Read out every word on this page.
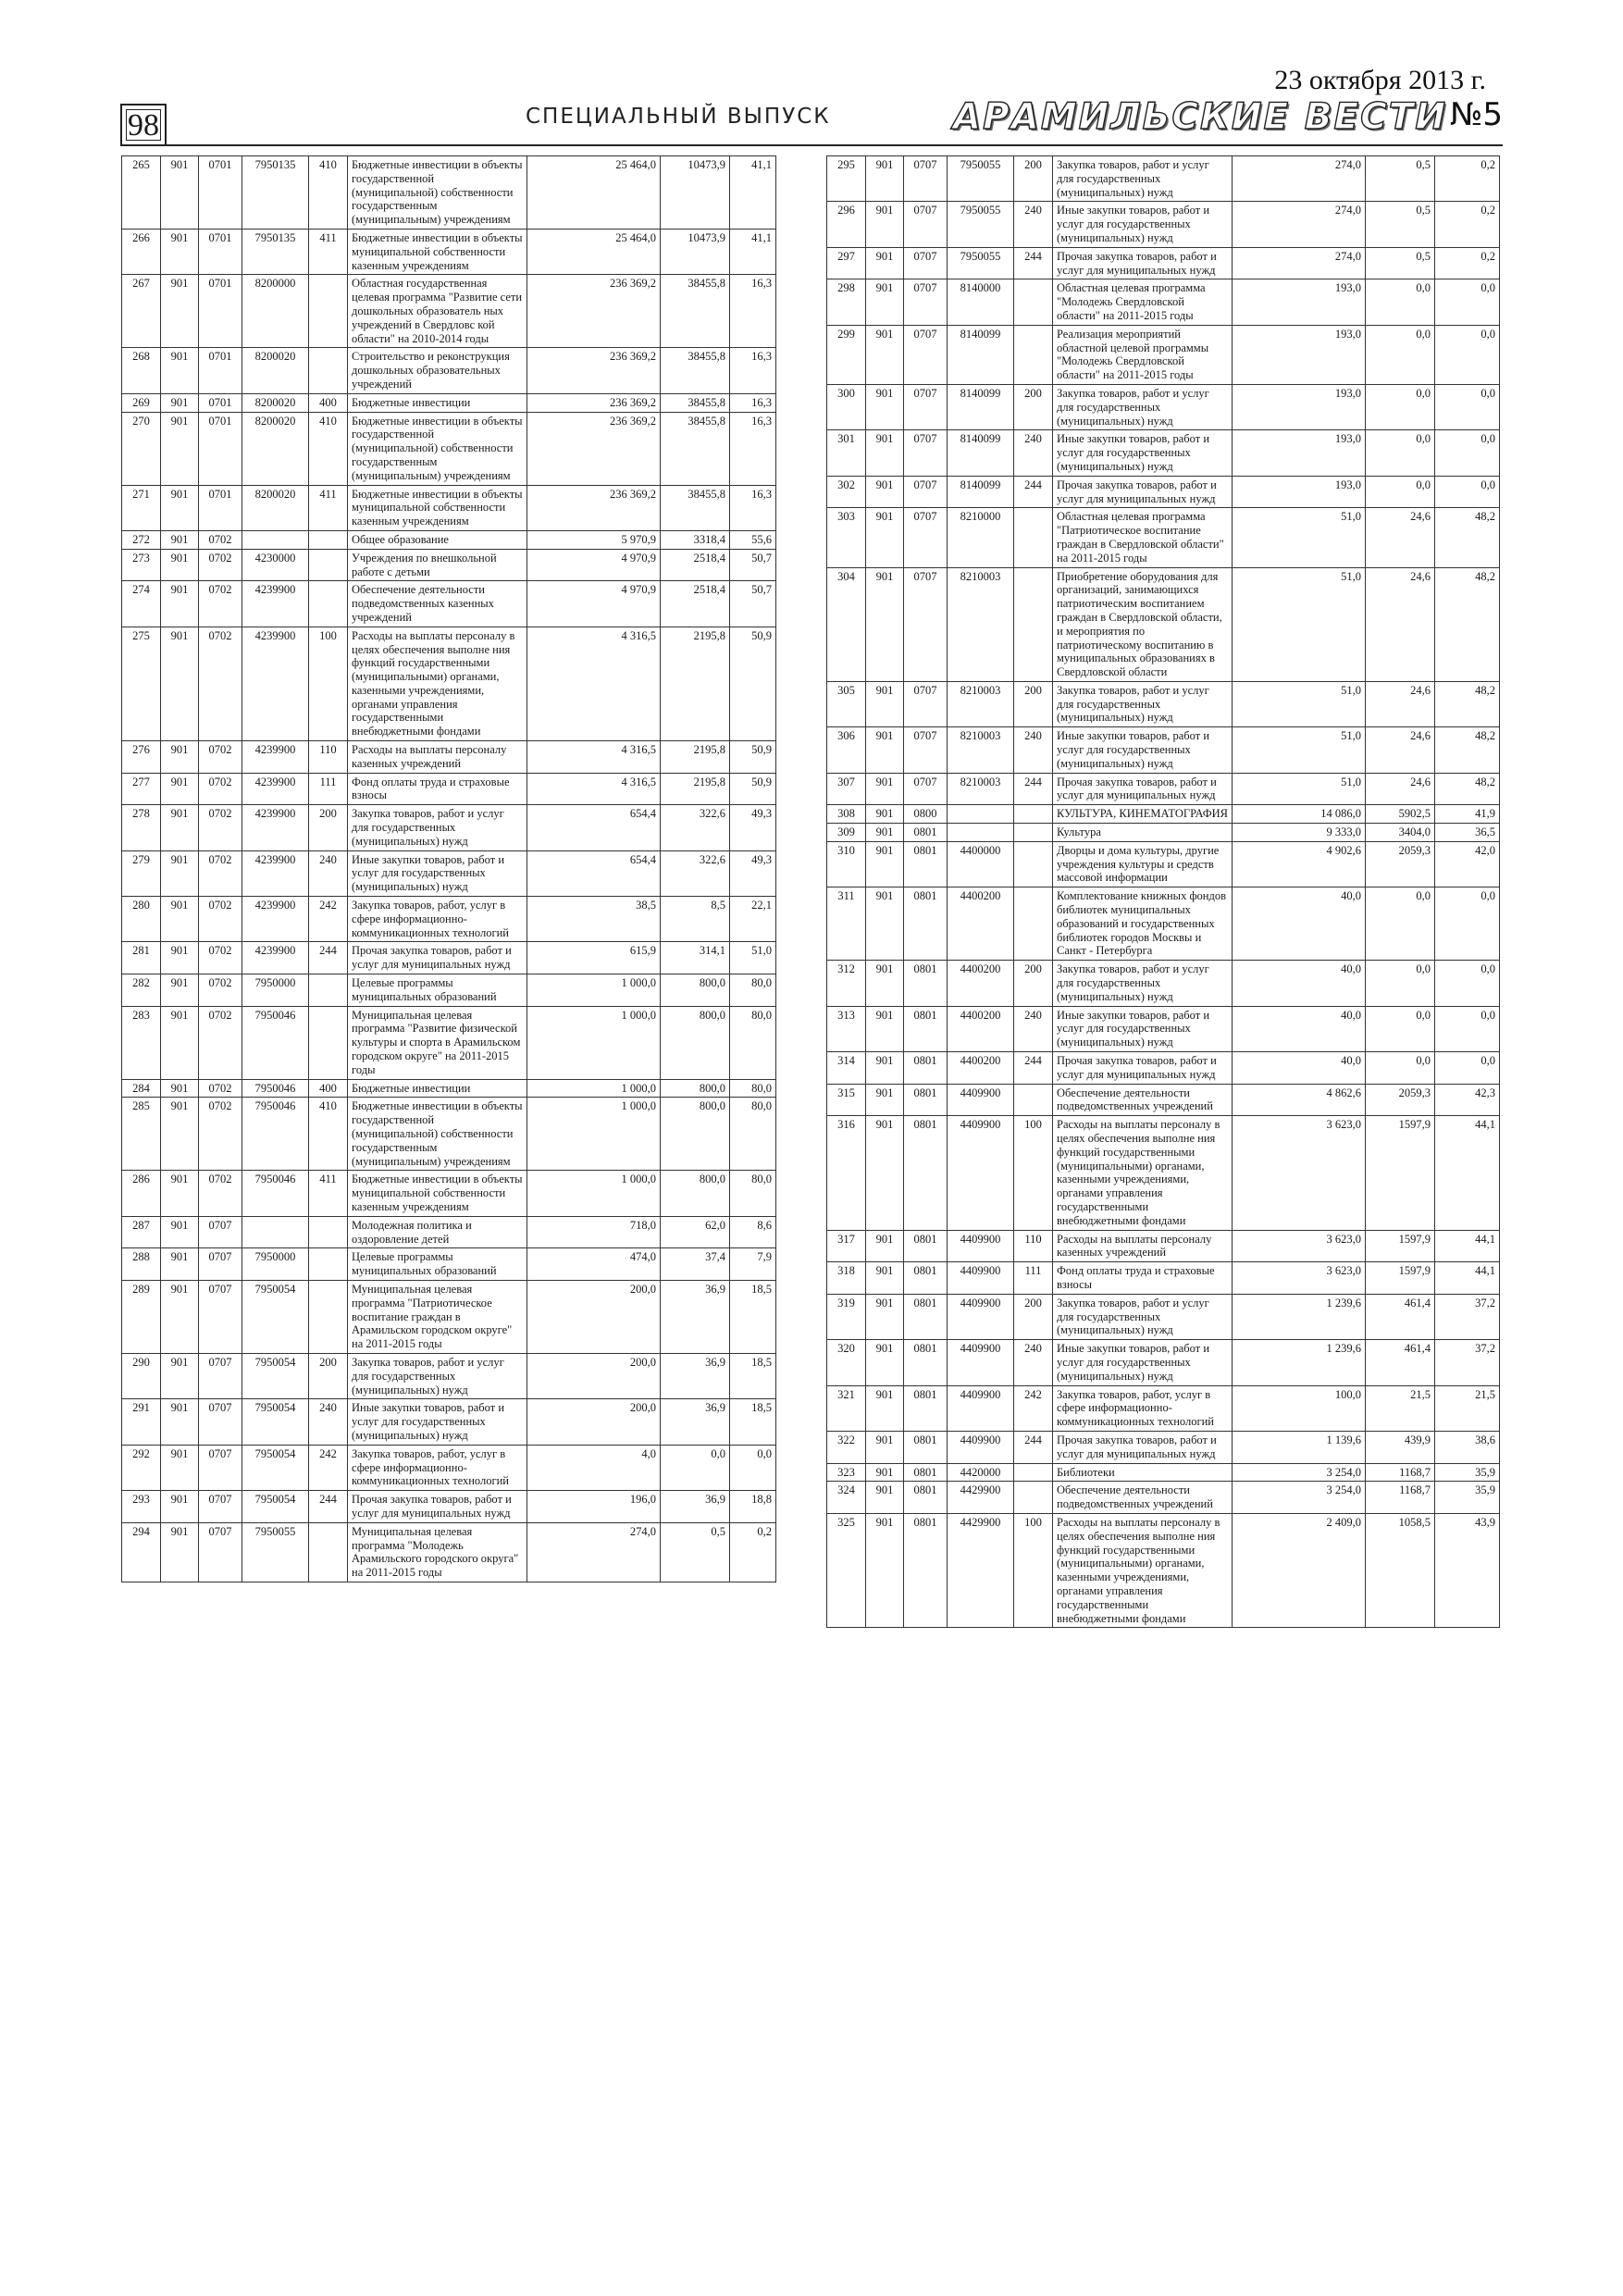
98	СПЕЦИАЛЬНЫЙ ВЫПУСК
23 октября 2013 г.
АРАМИЛЬСКИЕ ВЕСТИ №5
265	901	0701	7950135	410	Бюджетные инвестиции в объекты государственной (муниципальной) собственности государственным (муниципальным) учреждениям	25 464,0	10473,9	41,1
266	901	0701	7950135	411	Бюджетные инвестиции в объекты муниципальной собственности казенным учреждениям	25 464,0	10473,9	41,1
267	901	0701	8200000		Областная государственная целевая программа "Развитие сети дошкольных образователь ных учреждений в Свердловс кой области" на 2010-2014 годы	236 369,2	38455,8	16,3
268	901	0701	8200020		Строительство и реконструкция дошкольных образовательных учреждений	236 369,2	38455,8	16,3
269	901	0701	8200020	400	Бюджетные инвестиции	236 369,2	38455,8	16,3
270	901	0701	8200020	410	Бюджетные инвестиции в объекты государственной (муниципальной) собственности государственным (муниципальным) учреждениям	236 369,2	38455,8	16,3
271	901	0701	8200020	411	Бюджетные инвестиции в объекты муниципальной собственности казенным учреждениям	236 369,2	38455,8	16,3
272	901	0702			Общее образование	5 970,9	3318,4	55,6
273	901	0702	4230000		Учреждения по внешкольной работе с детьми	4 970,9	2518,4	50,7
274	901	0702	4239900		Обеспечение деятельности подведомственных казенных учреждений	4 970,9	2518,4	50,7
275	901	0702	4239900	100	Расходы на выплаты персоналу в целях обеспечения выполне ния функций государственными (муниципальными) органами, казенными учреждениями, органами управления государственными внебюджетными фондами	4 316,5	2195,8	50,9
276	901	0702	4239900	110	Расходы на выплаты персоналу казенных учреждений	4 316,5	2195,8	50,9
277	901	0702	4239900	111	Фонд оплаты труда и страховые взносы	4 316,5	2195,8	50,9
278	901	0702	4239900	200	Закупка товаров, работ и услуг для государственных (муниципальных) нужд	654,4	322,6	49,3
279	901	0702	4239900	240	Иные закупки товаров, работ и услуг для государственных (муниципальных) нужд	654,4	322,6	49,3
280	901	0702	4239900	242	Закупка товаров, работ, услуг в сфере информационно-коммуникационных технологий	38,5	8,5	22,1
281	901	0702	4239900	244	Прочая закупка товаров, работ и услуг для муниципальных нужд	615,9	314,1	51,0
282	901	0702	7950000		Целевые программы муниципальных образований	1 000,0	800,0	80,0
283	901	0702	7950046		Муниципальная целевая программа "Развитие физической культуры и спорта в Арамильском городском округе" на 2011-2015 годы	1 000,0	800,0	80,0
284	901	0702	7950046	400	Бюджетные инвестиции	1 000,0	800,0	80,0
285	901	0702	7950046	410	Бюджетные инвестиции в объекты государственной (муниципальной) собственности государственным (муниципальным) учреждениям	1 000,0	800,0	80,0
286	901	0702	7950046	411	Бюджетные инвестиции в объекты муниципальной собственности казенным учреждениям	1 000,0	800,0	80,0
287	901	0707			Молодежная политика и оздоровление детей	718,0	62,0	8,6
288	901	0707	7950000		Целевые программы муниципальных образований	474,0	37,4	7,9
289	901	0707	7950054		Муниципальная целевая программа "Патриотическое воспитание граждан в Арамильском городском округе" на 2011-2015 годы	200,0	36,9	18,5
290	901	0707	7950054	200	Закупка товаров, работ и услуг для государственных (муниципальных) нужд	200,0	36,9	18,5
291	901	0707	7950054	240	Иные закупки товаров, работ и услуг для государственных (муниципальных) нужд	200,0	36,9	18,5
292	901	0707	7950054	242	Закупка товаров, работ, услуг в сфере информационно-коммуникационных технологий	4,0	0,0	0,0
293	901	0707	7950054	244	Прочая закупка товаров, работ и услуг для муниципальных нужд	196,0	36,9	18,8
294	901	0707	7950055		Муниципальная целевая программа "Молодежь Арамильского городского округа" на 2011-2015 годы	274,0	0,5	0,2
295	901	0707	7950055	200	Закупка товаров, работ и услуг для государственных (муниципальных) нужд	274,0	0,5	0,2
296	901	0707	7950055	240	Иные закупки товаров, работ и услуг для государственных (муниципальных) нужд	274,0	0,5	0,2
297	901	0707	7950055	244	Прочая закупка товаров, работ и услуг для муниципальных нужд	274,0	0,5	0,2
298	901	0707	8140000		Областная целевая программа "Молодежь Свердловской области" на 2011-2015 годы	193,0	0,0	0,0
299	901	0707	8140099		Реализация мероприятий областной целевой программы "Молодежь Свердловской области" на 2011-2015 годы	193,0	0,0	0,0
300	901	0707	8140099	200	Закупка товаров, работ и услуг для государственных (муниципальных) нужд	193,0	0,0	0,0
301	901	0707	8140099	240	Иные закупки товаров, работ и услуг для государственных (муниципальных) нужд	193,0	0,0	0,0
302	901	0707	8140099	244	Прочая закупка товаров, работ и услуг для муниципальных нужд	193,0	0,0	0,0
303	901	0707	8210000		Областная целевая программа "Патриотическое воспитание граждан в Свердловской области" на 2011-2015 годы	51,0	24,6	48,2
304	901	0707	8210003		Приобретение оборудования для организаций, занимающихся патриотическим воспитанием граждан в Свердловской области, и мероприятия по патриотическому воспитанию в муниципальных образованиях в Свердловской области	51,0	24,6	48,2
305	901	0707	8210003	200	Закупка товаров, работ и услуг для государственных (муниципальных) нужд	51,0	24,6	48,2
306	901	0707	8210003	240	Иные закупки товаров, работ и услуг для государственных (муниципальных) нужд	51,0	24,6	48,2
307	901	0707	8210003	244	Прочая закупка товаров, работ и услуг для муниципальных нужд	51,0	24,6	48,2
308	901	0800			КУЛЬТУРА, КИНЕМАТОГРАФИЯ	14 086,0	5902,5	41,9
309	901	0801			Культура	9 333,0	3404,0	36,5
310	901	0801	4400000		Дворцы и дома культуры, другие учреждения культуры и средств массовой информации	4 902,6	2059,3	42,0
311	901	0801	4400200		Комплектование книжных фондов библиотек муниципальных образований и государственных библиотек городов Москвы и Санкт - Петербурга	40,0	0,0	0,0
312	901	0801	4400200	200	Закупка товаров, работ и услуг для государственных (муниципальных) нужд	40,0	0,0	0,0
313	901	0801	4400200	240	Иные закупки товаров, работ и услуг для государственных (муниципальных) нужд	40,0	0,0	0,0
314	901	0801	4400200	244	Прочая закупка товаров, работ и услуг для муниципальных нужд	40,0	0,0	0,0
315	901	0801	4409900		Обеспечение деятельности подведомственных учреждений	4 862,6	2059,3	42,3
316	901	0801	4409900	100	Расходы на выплаты персоналу в целях обеспечения выполне ния функций государственными (муниципальными) органами, казенными учреждениями, органами управления государственными внебюджетными фондами	3 623,0	1597,9	44,1
317	901	0801	4409900	110	Расходы на выплаты персоналу казенных учреждений	3 623,0	1597,9	44,1
318	901	0801	4409900	111	Фонд оплаты труда и страховые взносы	3 623,0	1597,9	44,1
319	901	0801	4409900	200	Закупка товаров, работ и услуг для государственных (муниципальных) нужд	1 239,6	461,4	37,2
320	901	0801	4409900	240	Иные закупки товаров, работ и услуг для государственных (муниципальных) нужд	1 239,6	461,4	37,2
321	901	0801	4409900	242	Закупка товаров, работ, услуг в сфере информационно-коммуникационных технологий	100,0	21,5	21,5
322	901	0801	4409900	244	Прочая закупка товаров, работ и услуг для муниципальных нужд	1 139,6	439,9	38,6
323	901	0801	4420000		Библиотеки	3 254,0	1168,7	35,9
324	901	0801	4429900		Обеспечение деятельности подведомственных учреждений	3 254,0	1168,7	35,9
325	901	0801	4429900	100	Расходы на выплаты персоналу в целях обеспечения выполне ния функций государственными (муниципальными) органами, казенными учреждениями, органами управления государственными внебюджетными фондами	2 409,0	1058,5	43,9
